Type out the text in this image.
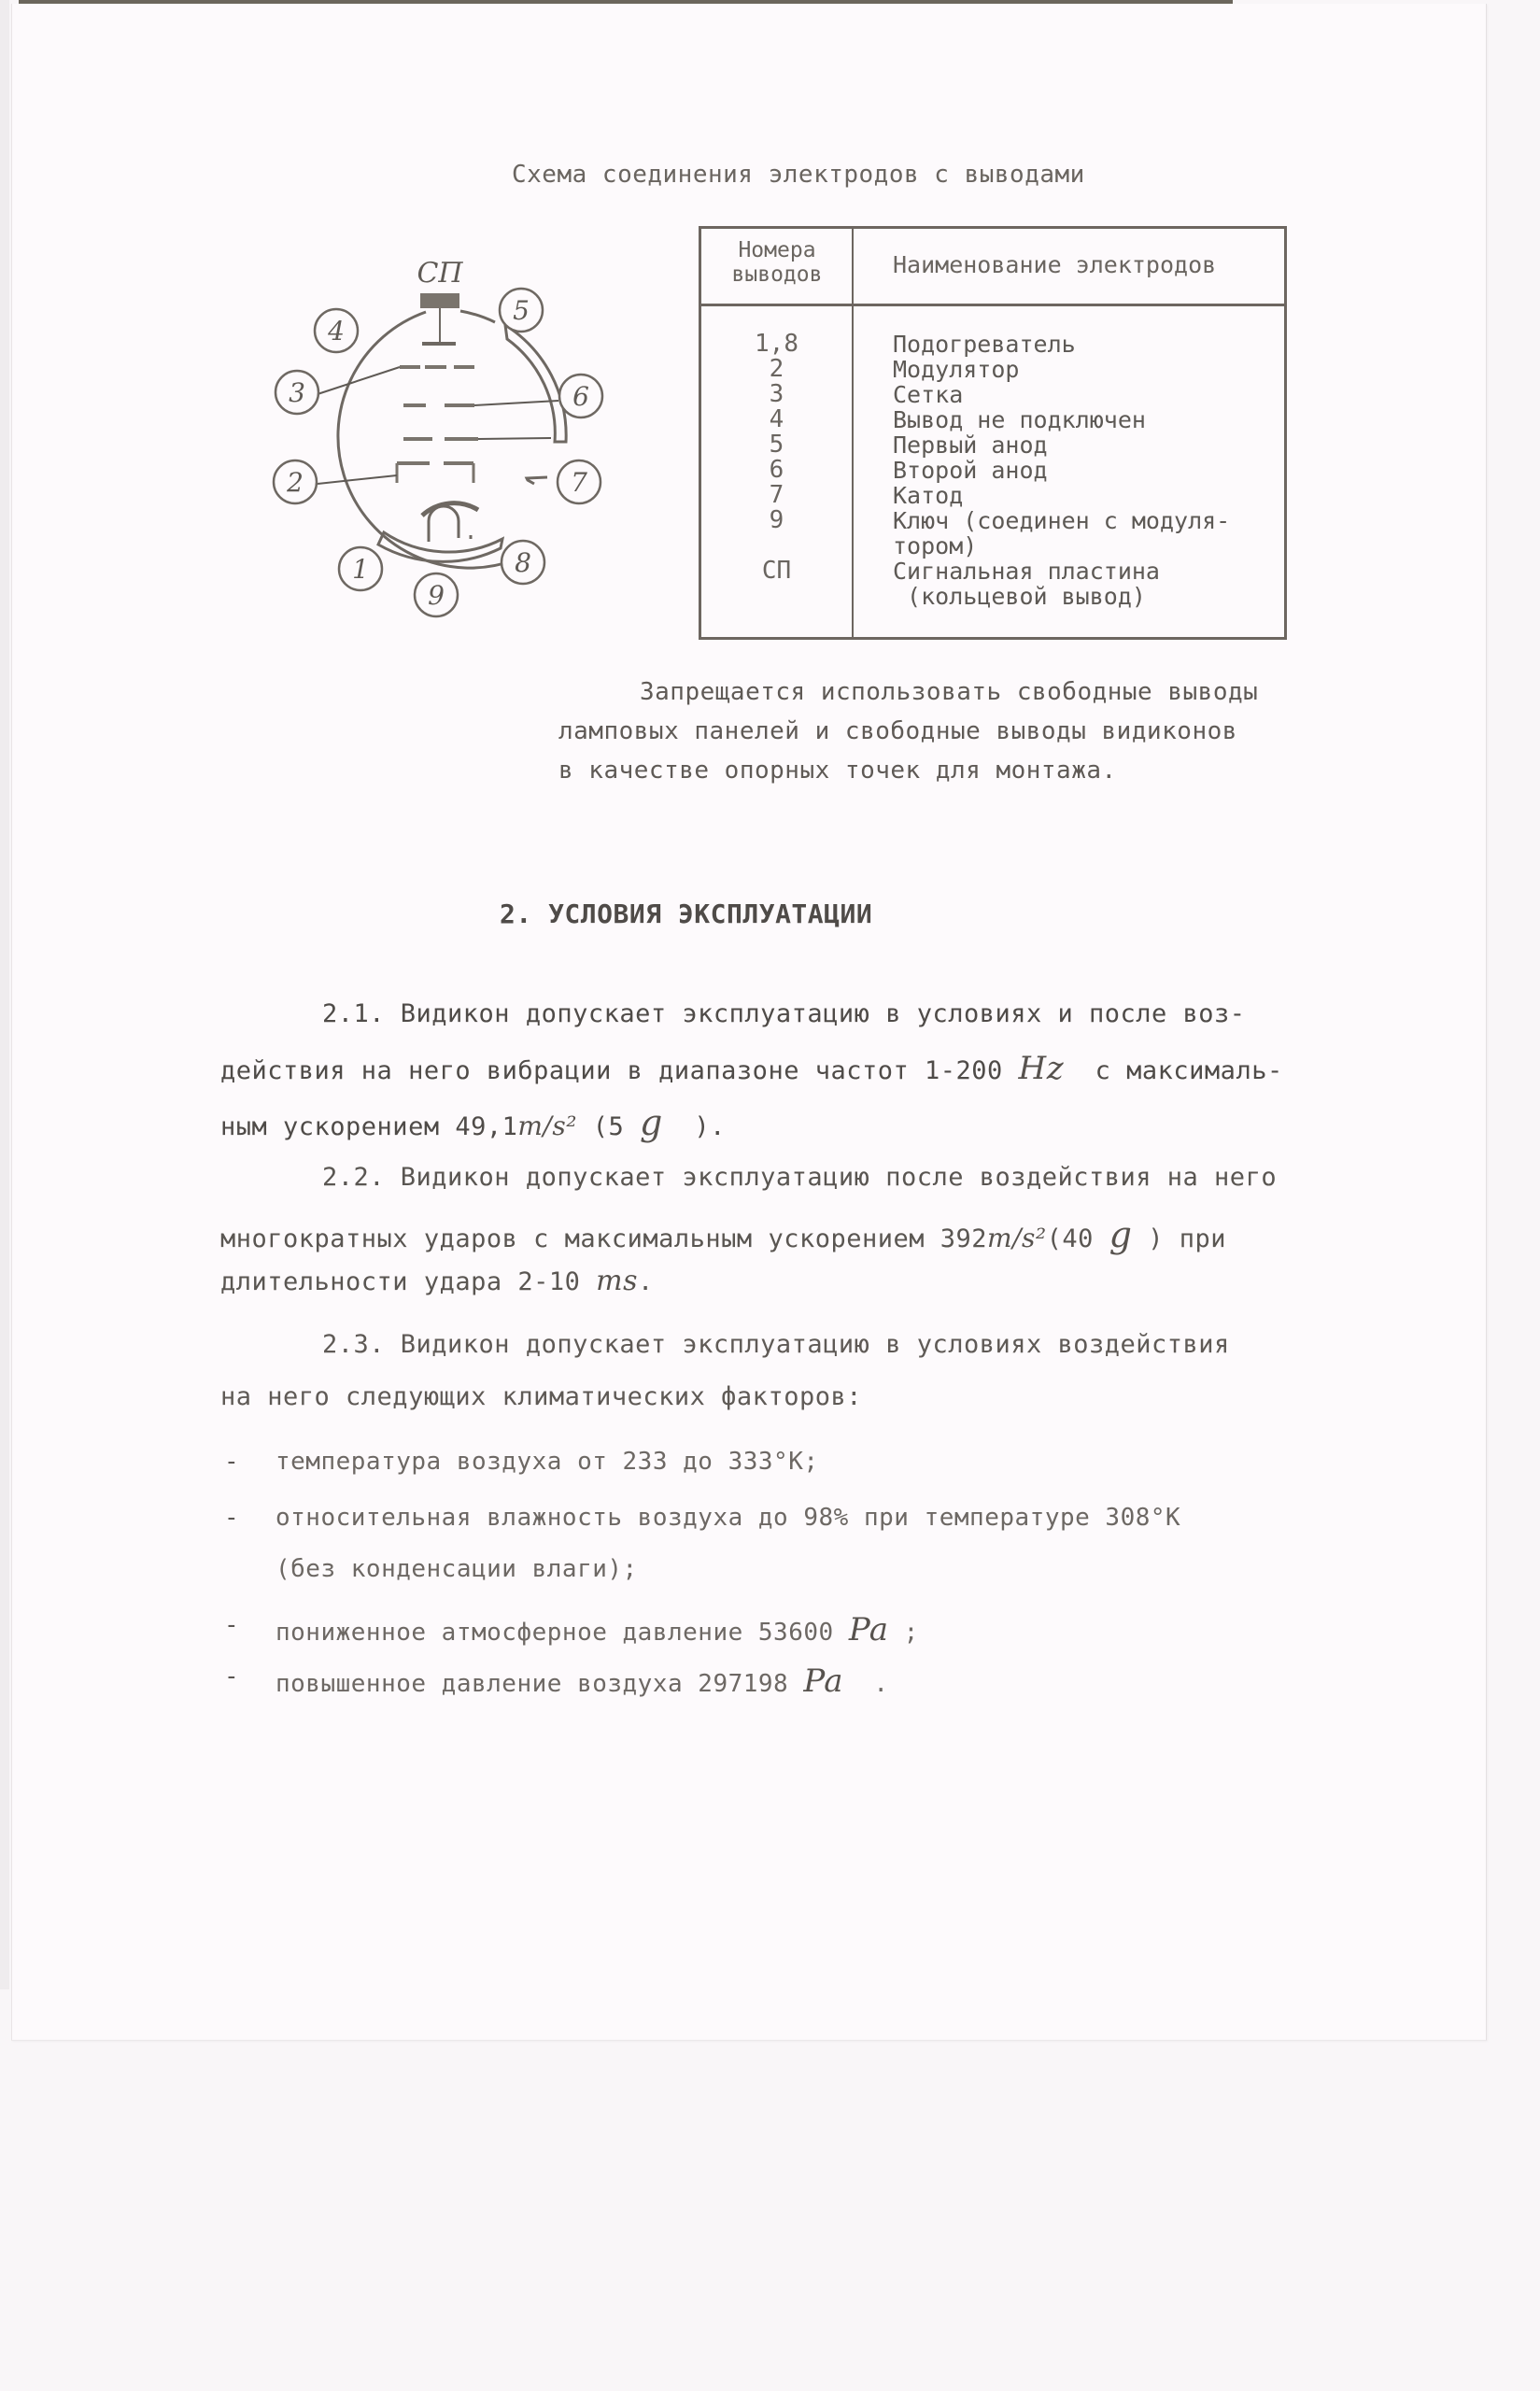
Схема соединения электродов с выводами
4
3
2
1
9
8
7
6
5
СП
Номера
выводов	Наименование электродов
1,8
2
3
4
5
6
7
9
СП
Подогреватель
Модулятор
Сетка
Вывод не подключен
Первый анод
Второй анод
Катод
Ключ (соединен с модуля-
тором)
Сигнальная пластина
(кольцевой вывод)
Запрещается использовать свободные выводы
ламповых панелей и свободные выводы видиконов
в качестве опорных точек для монтажа.
2. УСЛОВИЯ ЭКСПЛУАТАЦИИ
2.1. Видикон допускает эксплуатацию в условиях и после воз-
действия на него вибрации в диапазоне частот 1-200 Hz с максималь-
ным ускорением 49,1m/s² (5 g ).
2.2. Видикон допускает эксплуатацию после воздействия на него
многократных ударов с максимальным ускорением 392m/s²(40 g ) при
длительности удара 2-10 ms.
2.3. Видикон допускает эксплуатацию в условиях воздействия
на него следующих климатических факторов:
- температура воздуха от 233 до 333°К;
- относительная влажность воздуха до 98% при температуре 308°К
(без конденсации влаги);
- пониженное атмосферное давление 53600 Pa ;
- повышенное давление воздуха 297198 Pa .
